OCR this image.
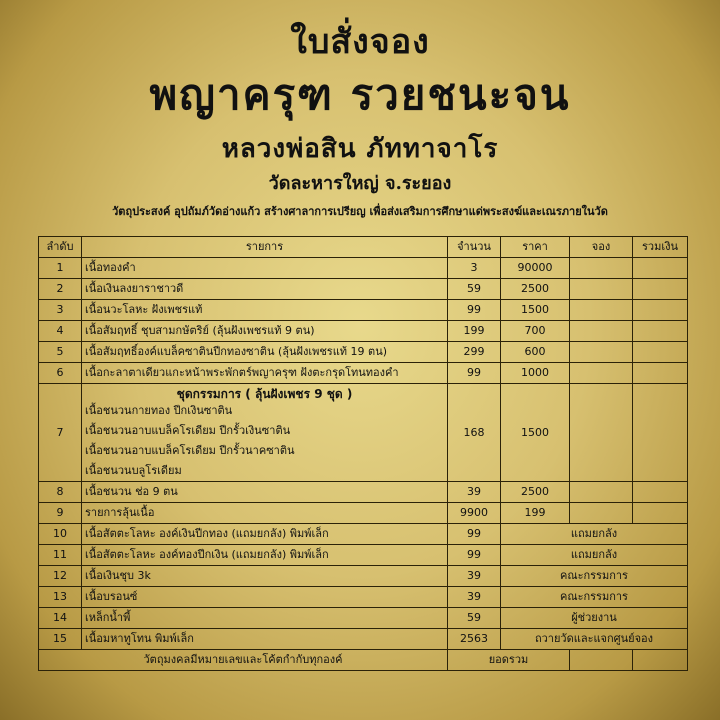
ใบสั่งจอง
พญาครุฑ รวยชนะจน
หลวงพ่อสิน ภัททาจาโร
วัดละหารใหญ่ จ.ระยอง
วัตถุประสงค์ อุปถัมภ์วัดอ่างแก้ว สร้างศาลาการเปรียญ เพื่อส่งเสริมการศึกษาแด่พระสงฆ์และเณรภายในวัด
ลำดับ	รายการ	จำนวน	ราคา	จอง	รวมเงิน
1	เนื้อทองคำ	3	90000		
2	เนื้อเงินลงยาราชาวดี	59	2500		
3	เนื้อนวะโลหะ ฝังเพชรแท้	99	1500		
4	เนื้อสัมฤทธิ์ ชุบสามกษัตริย์ (ลุ้นฝังเพชรแท้ 9 ตน)	199	700		
5	เนื้อสัมฤทธิ์องค์แบล็คซาตินปีกทองซาติน (ลุ้นฝังเพชรแท้ 19 ตน)	299	600		
6	เนื้อกะลาตาเดียวแกะหน้าพระพักตร์พญาครุฑ ฝังตะกรุดโทนทองคำ	99	1000		
7	ชุดกรรมการ ( ลุ้นฝังเพชร 9 ชุด )
เนื้อชนวนกายทอง ปีกเงินซาติน
เนื้อชนวนอาบแบล็คโรเดียม ปีกรั้วเงินซาติน
เนื้อชนวนอาบแบล็คโรเดียม ปีกรั้วนาคซาติน
เนื้อชนวนบลูโรเดียม	168	1500		
8	เนื้อชนวน ช่อ 9 ตน	39	2500		
9	รายการลุ้นเนื้อ	9900	199		
10	เนื้อสัตตะโลหะ องค์เงินปีกทอง (แถมยกลัง) พิมพ์เล็ก	99	แถมยกลัง		
11	เนื้อสัตตะโลหะ องค์ทองปีกเงิน (แถมยกลัง) พิมพ์เล็ก	99	แถมยกลัง		
12	เนื้อเงินชุบ 3k	39	คณะกรรมการ		
13	เนื้อบรอนซ์	39	คณะกรรมการ		
14	เหล็กน้ำพี้	59	ผู้ช่วยงาน		
15	เนื้อมหาทูโทน พิมพ์เล็ก	2563	ถวายวัดและแจกศูนย์จอง		
วัตถุมงคลมีหมายเลขและโค้ตกำกับทุกองค์		ยอดรวม			
